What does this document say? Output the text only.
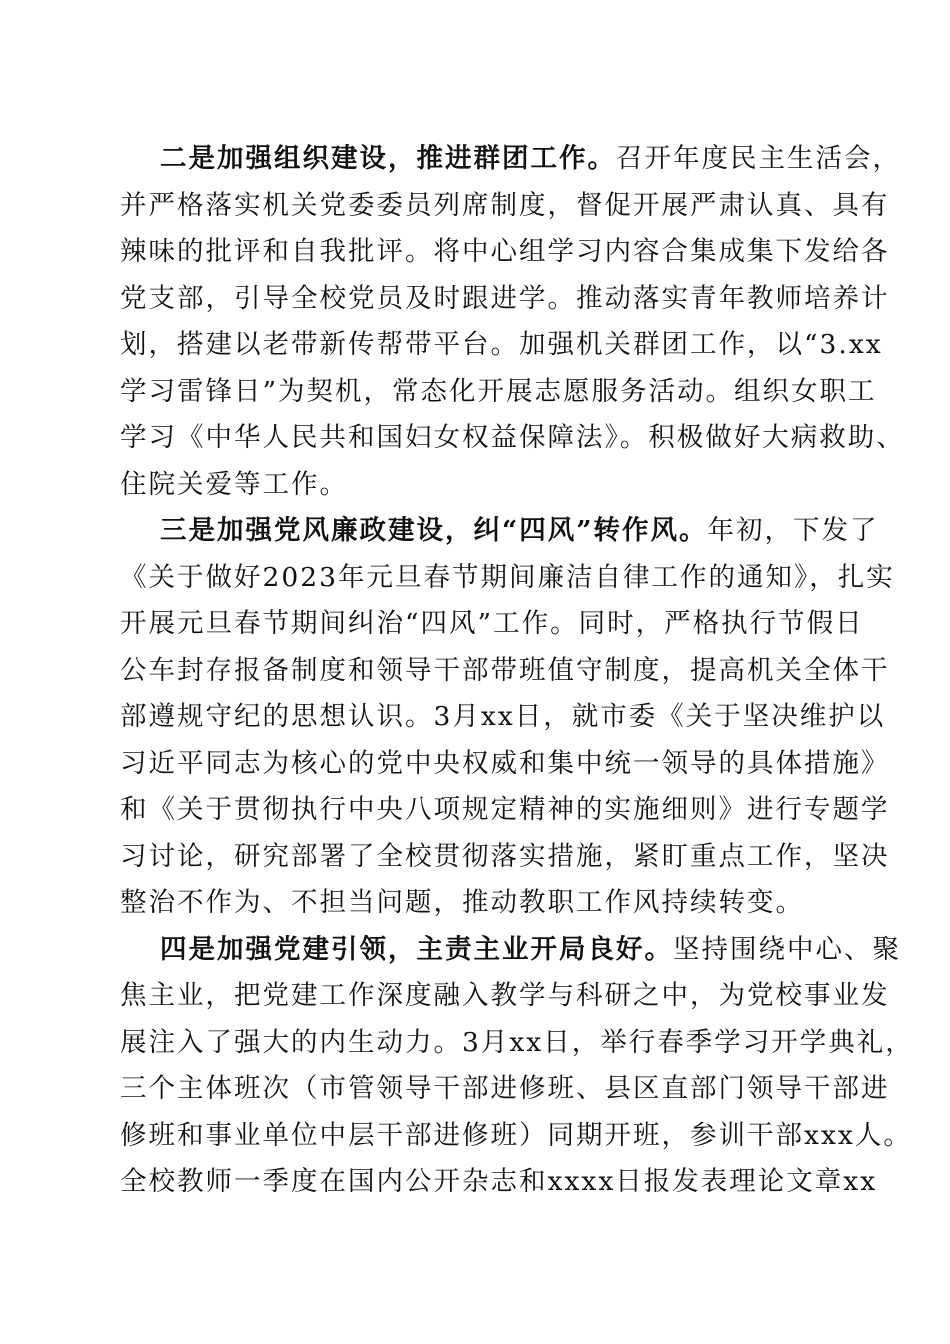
二是加强组织建设，推进群团工作。召开年度民主生活会，
并严格落实机关党委委员列席制度，督促开展严肃认真、具有
辣味的批评和自我批评。将中心组学习内容合集成集下发给各
党支部，引导全校党员及时跟进学。推动落实青年教师培养计
划，搭建以老带新传帮带平台。加强机关群团工作，以“3.xx
学习雷锋日”为契机，常态化开展志愿服务活动。组织女职工
学习《中华人民共和国妇女权益保障法》。积极做好大病救助、
住院关爱等工作。
三是加强党风廉政建设，纠“四风”转作风。年初，下发了
《关于做好2023年元旦春节期间廉洁自律工作的通知》，扎实
开展元旦春节期间纠治“四风”工作。同时，严格执行节假日
公车封存报备制度和领导干部带班值守制度，提高机关全体干
部遵规守纪的思想认识。3月xx日，就市委《关于坚决维护以
习近平同志为核心的党中央权威和集中统一领导的具体措施》
和《关于贯彻执行中央八项规定精神的实施细则》进行专题学
习讨论，研究部署了全校贯彻落实措施，紧盯重点工作，坚决
整治不作为、不担当问题，推动教职工作风持续转变。
四是加强党建引领，主责主业开局良好。坚持围绕中心、聚
焦主业，把党建工作深度融入教学与科研之中，为党校事业发
展注入了强大的内生动力。3月xx日，举行春季学习开学典礼，
三个主体班次（市管领导干部进修班、县区直部门领导干部进
修班和事业单位中层干部进修班）同期开班，参训干部xxx人。
全校教师一季度在国内公开杂志和xxxx日报发表理论文章xx
